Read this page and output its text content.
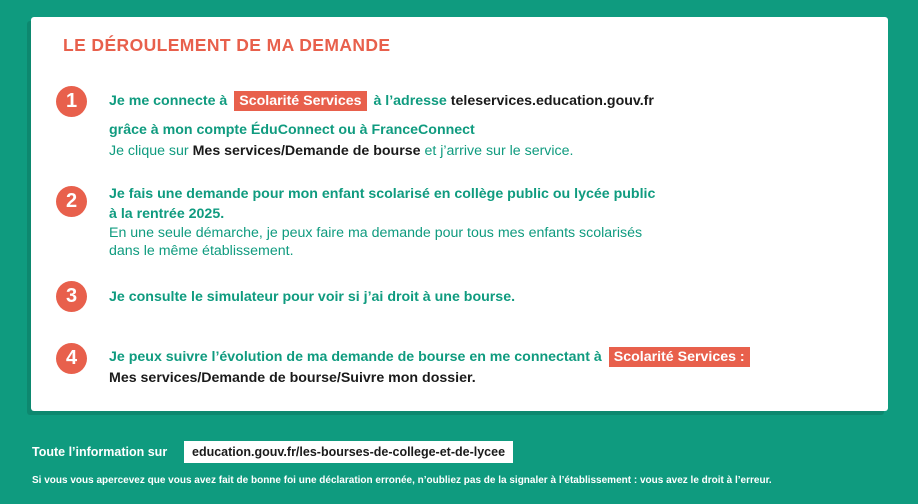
LE DÉROULEMENT DE MA DEMANDE
1	Je me connecte à Scolarité Services à l’adresse teleservices.education.gouv.fr
grâce à mon compte ÉduConnect ou à FranceConnect
Je clique sur Mes services/Demande de bourse et j’arrive sur le service.
2	Je fais une demande pour mon enfant scolarisé en collège public ou lycée public
à la rentrée 2025.
En une seule démarche, je peux faire ma demande pour tous mes enfants scolarisés
dans le même établissement.
3	Je consulte le simulateur pour voir si j’ai droit à une bourse.
4	Je peux suivre l’évolution de ma demande de bourse en me connectant à Scolarité Services :
Mes services/Demande de bourse/Suivre mon dossier.
Toute l’information sur	education.gouv.fr/les-bourses-de-college-et-de-lycee
Si vous vous apercevez que vous avez fait de bonne foi une déclaration erronée, n’oubliez pas de la signaler à l’établissement : vous avez le droit à l’erreur.
